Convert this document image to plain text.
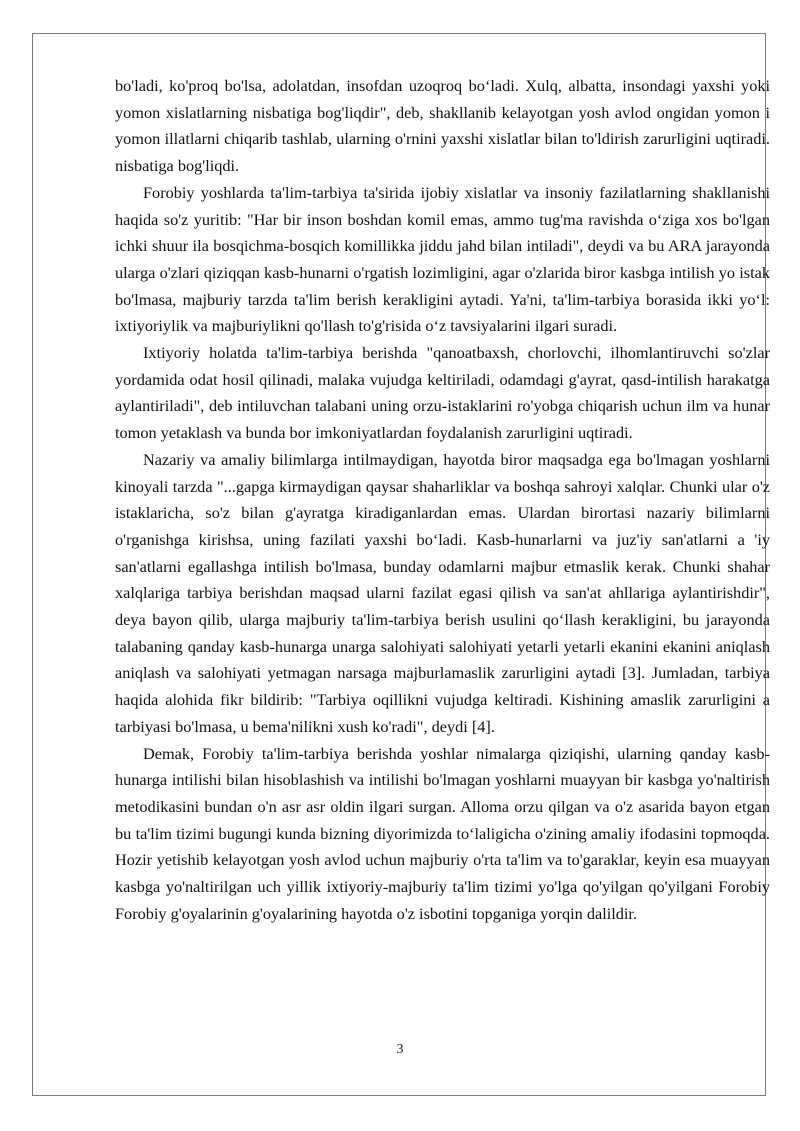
bo'ladi, ko'proq bo'lsa, adolatdan, insofdan uzoqroq bo‘ladi. Xulq, albatta, insondagi yaxshi yoki yomon xislatlarning nisbatiga bog'liqdir", deb, shakllanib kelayotgan yosh avlod ongidan yomon i yomon illatlarni chiqarib tashlab, ularning o'rnini yaxshi xislatlar bilan to'ldirish zarurligini uqtiradi. nisbatiga bog'liqdi.

Forobiy yoshlarda ta'lim-tarbiya ta'sirida ijobiy xislatlar va insoniy fazilatlarning shakllanishi haqida so'z yuritib: "Har bir inson boshdan komil emas, ammo tug'ma ravishda o‘ziga xos bo'lgan ichki shuur ila bosqichma-bosqich komillikka jiddu jahd bilan intiladi", deydi va bu ARA jarayonda ularga o'zlari qiziqqan kasb-hunarni o'rgatish lozimligini, agar o'zlarida biror kasbga intilish yo istak bo'lmasa, majburiy tarzda ta'lim berish kerakligini aytadi. Ya'ni, ta'lim-tarbiya borasida ikki yo‘l: ixtiyoriylik va majburiylikni qo'llash to'g'risida o‘z tavsiyalarini ilgari suradi.

Ixtiyoriy holatda ta'lim-tarbiya berishda "qanoatbaxsh, chorlovchi, ilhomlantiruvchi so'zlar yordamida odat hosil qilinadi, malaka vujudga keltiriladi, odamdagi g'ayrat, qasd-intilish harakatga aylantiriladi", deb intiluvchan talabani uning orzu-istaklarini ro'yobga chiqarish uchun ilm va hunar tomon yetaklash va bunda bor imkoniyatlardan foydalanish zarurligini uqtiradi.

Nazariy va amaliy bilimlarga intilmaydigan, hayotda biror maqsadga ega bo'lmagan yoshlarni kinoyali tarzda "...gapga kirmaydigan qaysar shaharliklar va boshqa sahroyi xalqlar. Chunki ular o'z istaklaricha, so'z bilan g'ayratga kiradiganlardan emas. Ulardan birortasi nazariy bilimlarni o'rganishga kirishsa, uning fazilati yaxshi bo‘ladi. Kasb-hunarlarni va juz'iy san'atlarni a 'iy san'atlarni egallashga intilish bo'lmasa, bunday odamlarni majbur etmaslik kerak. Chunki shahar xalqlariga tarbiya berishdan maqsad ularni fazilat egasi qilish va san'at ahllariga aylantirishdir", deya bayon qilib, ularga majburiy ta'lim-tarbiya berish usulini qo‘llash kerakligini, bu jarayonda talabaning qanday kasb-hunarga unarga salohiyati salohiyati yetarli yetarli ekanini ekanini aniqlash aniqlash va salohiyati yetmagan narsaga majburlamaslik zarurligini aytadi [3]. Jumladan, tarbiya haqida alohida fikr bildirib: "Tarbiya oqillikni vujudga keltiradi. Kishining amaslik zarurligini a tarbiyasi bo'lmasa, u bema'nilikni xush ko'radi", deydi [4].

Demak, Forobiy ta'lim-tarbiya berishda yoshlar nimalarga qiziqishi, ularning qanday kasb-hunarga intilishi bilan hisoblashish va intilishi bo'lmagan yoshlarni muayyan bir kasbga yo'naltirish metodikasini bundan o'n asr asr oldin ilgari surgan. Alloma orzu qilgan va o'z asarida bayon etgan bu ta'lim tizimi bugungi kunda bizning diyorimizda to‘laligicha o'zining amaliy ifodasini topmoqda. Hozir yetishib kelayotgan yosh avlod uchun majburiy o'rta ta'lim va to'garaklar, keyin esa muayyan kasbga yo'naltirilgan uch yillik ixtiyoriy-majburiy ta'lim tizimi yo'lga qo'yilgan qo'yilgani Forobiy Forobiy g'oyalarinin g'oyalarining hayotda o'z isbotini topganiga yorqin dalildir.

3
